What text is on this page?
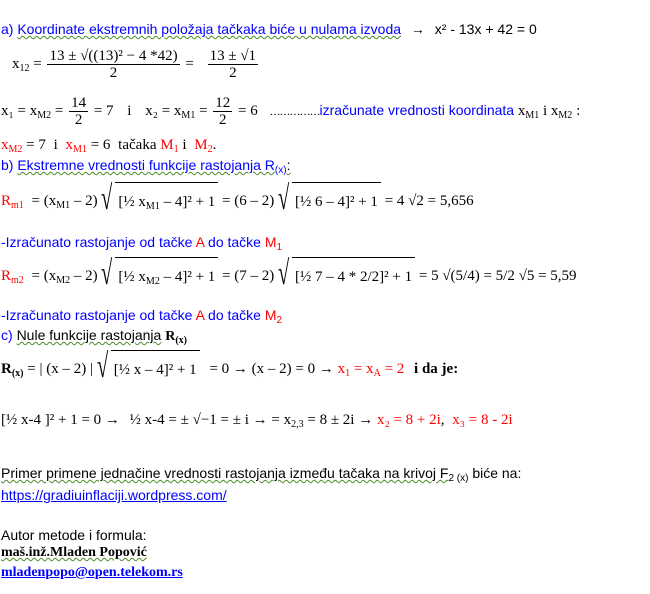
a) Koordinate ekstremnih položaja tačkaka biće u nulama izvoda → x² - 13x + 42 = 0
$x_{12} = \frac{\text{13 ± √((13)² − 4 *42)}}{2} = \frac{13 \pm √1}{2}$
$x_1 = x_{M2} = \frac{14}{2} = 7$ i $x_2 = x_{M1} = \frac{12}{2} = 6$ ……………izračunate vrednosti koordinata $x_{M1}$ i $x_{M2}$ :
$x_{M2} = 7$ i $x_{M1} = 6$ tačaka $M_1$ i $M_2$.
b) Ekstremne vrednosti funkcije rastojanja $R_{(x)}$:
$R_{m1} = (x_{M1} - 2)$ √ [½ $x_{M1} - 4]^2 + 1 = (6 - 2)$ √ [½ 6 – 4]² + 1 = 4 √2 = 5,656
-Izračunato rastojanje od tačke A do tačke $M_1$
$R_{m2} = (x_{M2} - 2)$ √ [½ $x_{M2} - 4]^2 + 1 = (7 - 2)$ √ [½ 7 – 4 * 2/2]² + 1 = 5 √(5/4) = 5/2 √5 = 5,59
-Izračunato rastojanje od tačke A do tačke $M_2$
c) Nule funkcije rastojanja $R_{(x)}$
$R_{(x)}$ = | (x – 2) | √ [½ $x - 4]^2 + 1 = 0 \to (x - 2) = 0 \to x_1 = x_A = 2$ i da je:
[½ x-4 ]² + 1 = 0 → ½ x-4 = ± √−1 = ± i → = $x_{2,3} = 8 \pm 2i \to x_2 = 8 + 2i$, x₃ = 8 - 2i
Primer primene jednačine vrednosti rastojanja između tačaka na krivoj $F_{2 (x)}$ biće na:
https://gradiuinflaciji.wordpress.com/
Autor metode i formula:
maš.inž.Mladen Popović
mladenpopo@open.telekom.rs
